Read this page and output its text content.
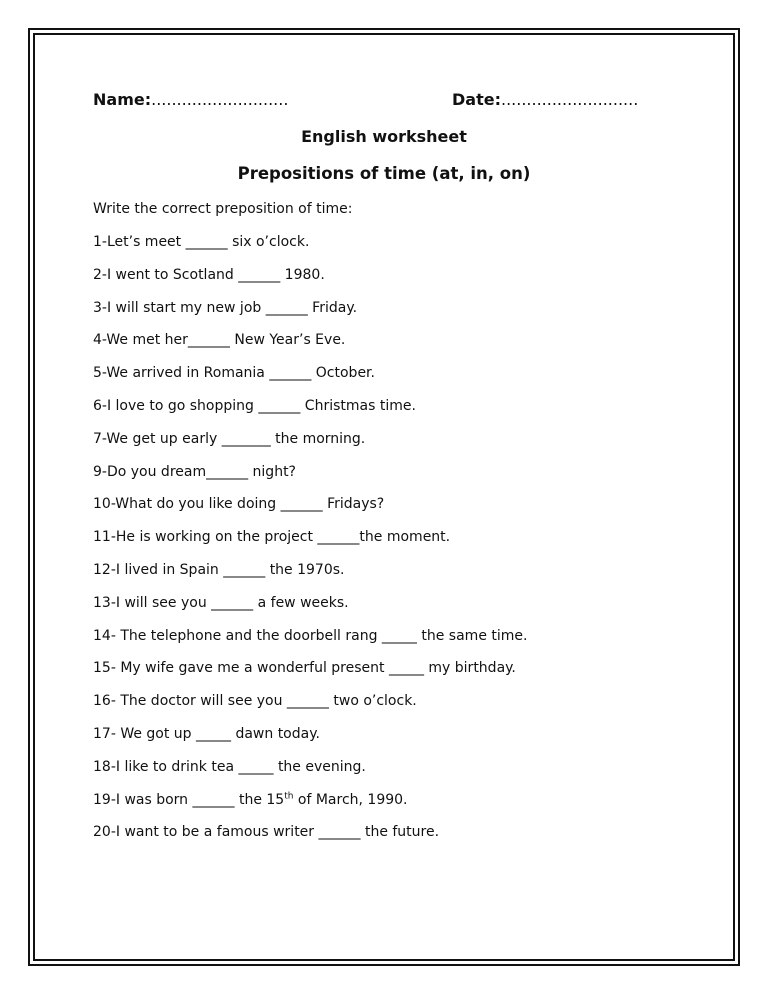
Name:...........................	Date:...........................
English worksheet
Prepositions of time (at, in, on)
Write the correct preposition of time:
1-Let’s meet ______ six o’clock.
2-I went to Scotland ______ 1980.
3-I will start my new job ______ Friday.
4-We met her______ New Year’s Eve.
5-We arrived in Romania ______ October.
6-I love to go shopping ______ Christmas time.
7-We get up early _______ the morning.
9-Do you dream______ night?
10-What do you like doing ______ Fridays?
11-He is working on the project ______the moment.
12-I lived in Spain ______ the 1970s.
13-I will see you ______ a few weeks.
14- The telephone and the doorbell rang _____ the same time.
15- My wife gave me a wonderful present _____ my birthday.
16- The doctor will see you ______ two o’clock.
17- We got up _____ dawn today.
18-I like to drink tea _____ the evening.
19-I was born ______ the 15th of March, 1990.
20-I want to be a famous writer ______ the future.
